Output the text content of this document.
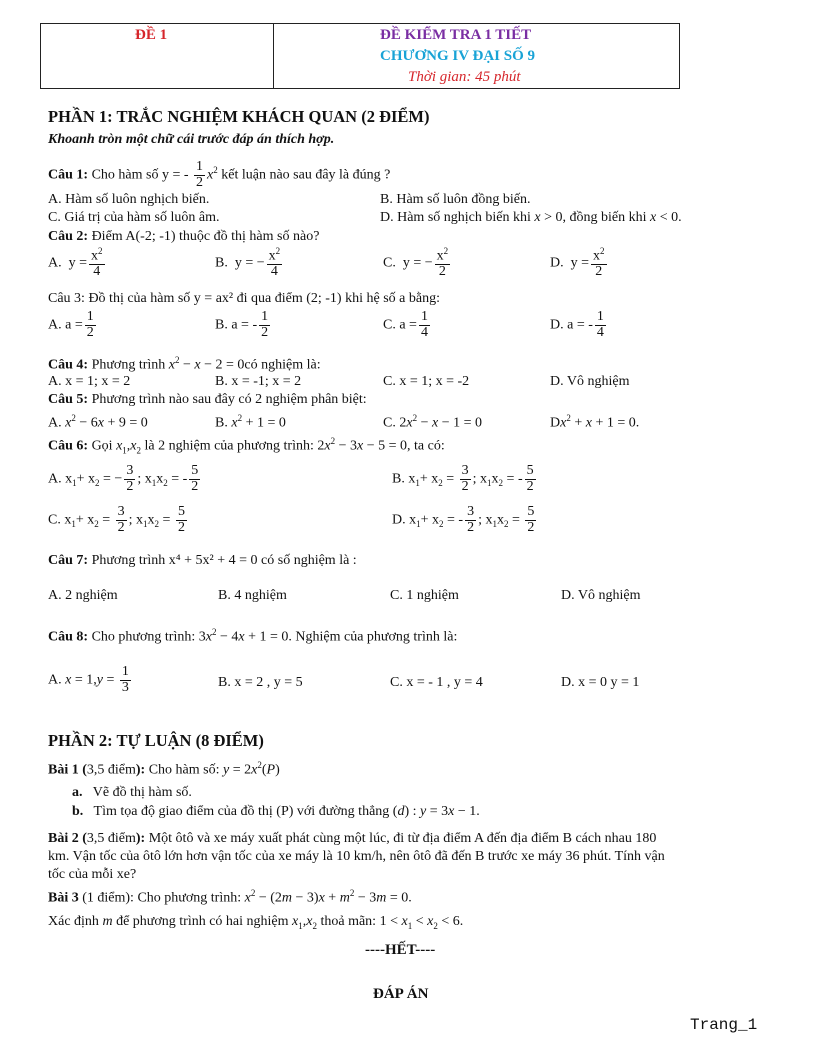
ĐỀ 1	ĐỀ KIỂM TRA 1 TIẾT
CHƯƠNG IV ĐẠI SỐ 9
Thời gian: 45 phút
PHẦN 1: TRẮC NGHIỆM KHÁCH QUAN (2 ĐIỂM)
Khoanh tròn một chữ cái trước đáp án thích hợp.
Câu 1: Cho hàm số y = - $\frac{1}{2} x^2$ kết luận nào sau đây là đúng ?
A. Hàm số luôn nghịch biến.	B. Hàm số luôn đồng biến.
C. Giá trị của hàm số luôn âm.	D. Hàm số nghịch biến khi x > 0, đồng biến khi x < 0.
Câu 2: Điểm A(-2; -1) thuộc đồ thị hàm số nào?
A.  $y = \frac{x^2}{4}$	B.  y = − $\frac{x^2}{4}$	C.  y = − $\frac{x^2}{2}$	D.  $y = \frac{x^2}{2}$
Câu 3: Đồ thị của hàm số y = ax² đi qua điểm (2; -1) khi hệ số a bằng:
A. $a = \frac{1}{2}$	B. a = - $\frac{1}{2}$	C. $a = \frac{1}{4}$	D. a = - $\frac{1}{4}$
Câu 4: Phương trình $x^2 - x - 2$ = 0có nghiệm là:
A. x = 1; x = 2	B. x = -1; x = 2	C. x = 1; x = -2	D. Vô nghiệm
Câu 5: Phương trình nào sau đây có 2 nghiệm phân biệt:
A. $x^2 - 6x + 9 = 0$	B. $x^2 + 1 = 0$	C. $2x^2 - x - 1 = 0$	$Dx^2 + x + 1 = 0$.
Câu 6: Gọi $x_1,x_2$ là 2 nghiệm của phương trình: $2x^2 - 3x - 5 = 0$, ta có:
A. $x_1+ x_2$ = − $\frac{3}{2}$ ; $x_1x_2$ = - $\frac{5}{2}$	B. $x_1+ x_2 = \frac{3}{2}$ ; $x_1x_2$ = - $\frac{5}{2}$
C. $x_1+ x_2 = \frac{3}{2}$ ; $x_1x_2 = \frac{5}{2}$	D. $x_1+ x_2$ = - $\frac{3}{2}$ ; $x_1x_2 = \frac{5}{2}$
Câu 7: Phương trình x⁴ + 5x² + 4 = 0 có số nghiệm là :
A. 2 nghiệm	B. 4 nghiệm	C. 1 nghiệm	D. Vô nghiệm
Câu 8: Cho phương trình: $3x^2 - 4x + 1 = 0$. Nghiệm của phương trình là:
A. $x = 1,y = \frac{1}{3}$	B. x = 2 , y = 5	C. x = - 1 , y = 4	D. x = 0 y = 1
PHẦN 2: TỰ LUẬN (8 ĐIỂM)
Bài 1 (3,5 điểm): Cho hàm số: $y = 2x^2(P)$
a. Vẽ đồ thị hàm số.
b. Tìm tọa độ giao điểm của đồ thị (P) với đường thẳng (d) : y = 3x − 1.
Bài 2 (3,5 điểm): Một ôtô và xe máy xuất phát cùng một lúc, đi từ địa điểm A đến địa điểm B cách nhau 180
km. Vận tốc của ôtô lớn hơn vận tốc của xe máy là 10 km/h, nên ôtô đã đến B trước xe máy 36 phút. Tính vận
tốc của mỗi xe?
Bài 3 (1 điểm): Cho phương trình: $x^2 - (2m - 3)x + m^2 - 3m = 0$.
Xác định m để phương trình có hai nghiệm $x_1,x_2$ thoả mãn: $1 < x_1 < x_2 < 6$.
----HẾT----
ĐÁP ÁN
Trang_1
